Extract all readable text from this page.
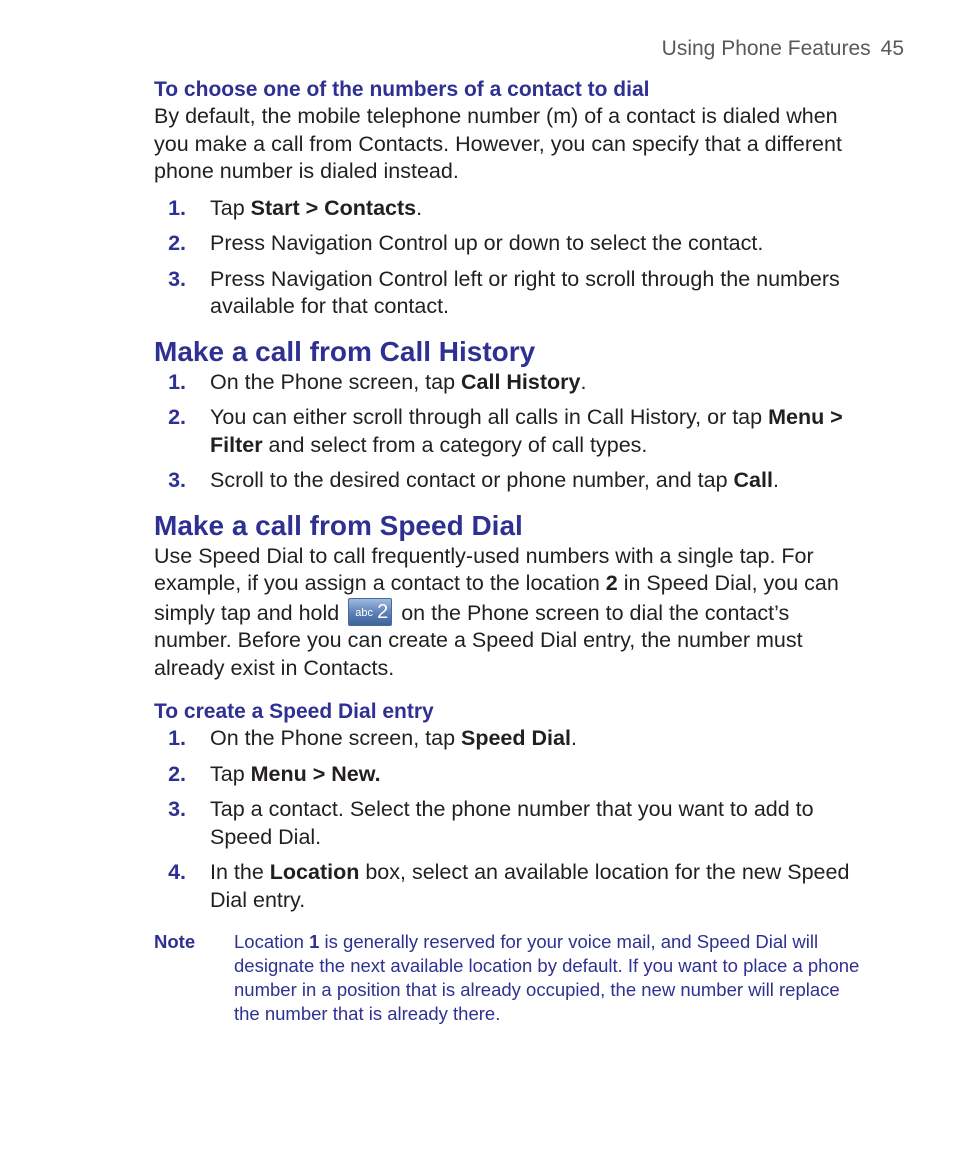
Using Phone Features 45

To choose one of the numbers of a contact to dial

By default, the mobile telephone number (m) of a contact is dialed when you make a call from Contacts. However, you can specify that a different phone number is dialed instead.

1.	Tap Start > Contacts.
2.	Press Navigation Control up or down to select the contact.
3.	Press Navigation Control left or right to scroll through the numbers available for that contact.
Make a call from Call History
1.	On the Phone screen, tap Call History.
2.	You can either scroll through all calls in Call History, or tap Menu > Filter and select from a category of call types.
3.	Scroll to the desired contact or phone number, and tap Call.
Make a call from Speed Dial

Use Speed Dial to call frequently-used numbers with a single tap. For example, if you assign a contact to the location 2 in Speed Dial, you can simply tap and hold abc 2 on the Phone screen to dial the contact’s number. Before you can create a Speed Dial entry, the number must already exist in Contacts.

To create a Speed Dial entry

1.	On the Phone screen, tap Speed Dial.
2.	Tap Menu > New.
3.	Tap a contact. Select the phone number that you want to add to Speed Dial.
4.	In the Location box, select an available location for the new Speed Dial entry.
Note	Location 1 is generally reserved for your voice mail, and Speed Dial will designate the next available location by default. If you want to place a phone number in a position that is already occupied, the new number will replace the number that is already there.
